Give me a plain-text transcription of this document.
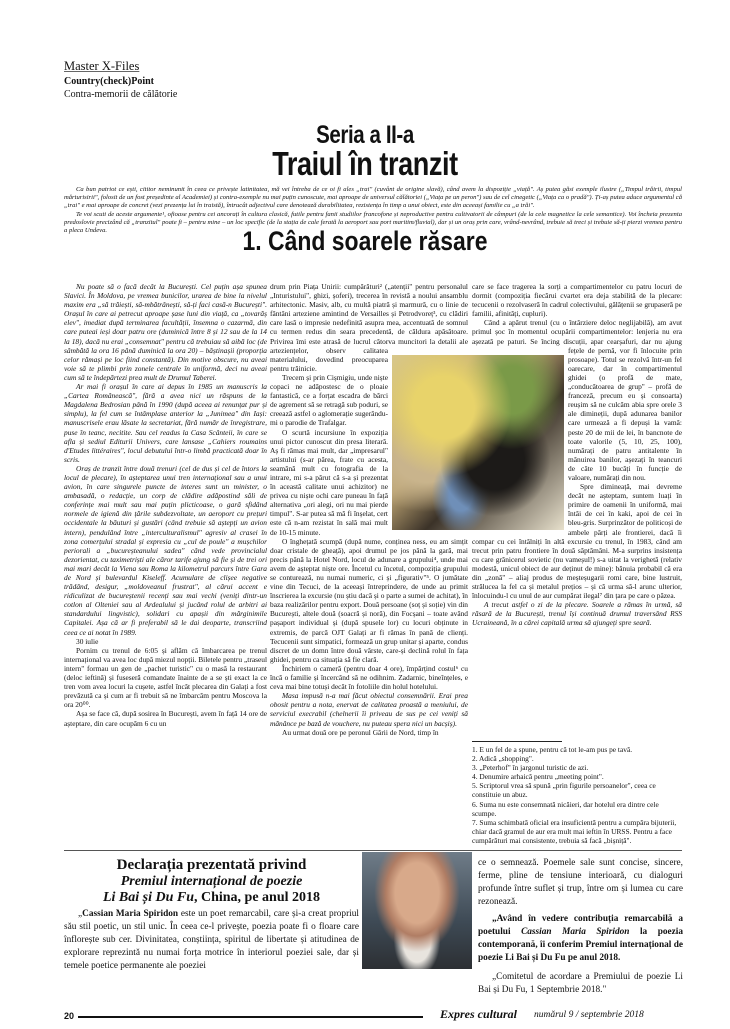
Master X-Files

Country(check)Point

Contra-memorii de călătorie

Seria a II-a
Traiul în tranzit

Ca bun patriot ce ești, cititor neminunit în ceea ce privește latinitatea, mă vei întreba de ce oi fi ales „trai" (cuvânt de origine slavă), când avem la dispoziție „viață". Aș putea găsi exemple ilustre („Timpul trăirii, timpul mărturisirii", folosit de un fost președinte al Academiei) și contra-exemple nu mai puțin cunoscute, mai aproape de universul călătoriei („Viața pe un peron") sau de cel cinegetic („Viața ca o pradă"). Ți-aș putea aduce argumentul că „trai" e mai aproape de concret (vezi prezența lui în traistă), întrucât adjectivul care denotează durabilitatea, rezistența în timp a unui obiect, este din aceeași familie cu „a trăi".

Te voi scuti de aceste argumente¹, ofioase pentru cei ancorați în cultura clasică, futile pentru fanii studiilor francofone și neproductive pentru cultivatorii de câmpuri (de la cele magnetice la cele semantice). Voi încheia prezenta predoslovie precizând că „tranzitul" poate fi – pentru mine – un loc specific (de la stația de cale ferată la aeroport sau port maritim/fluvial), dar și un oraș prin care, vrând-nevrând, trebuie să treci și trebuie să-ți pierzi vremea pentru a pleca Undeva.	1. Când soarele răsare

Nu poate să o facă decât la București. Cel puțin așa spunea Slavici. În Moldova, pe vremea bunicilor, urarea de bine la nivelul maxim era „să trăiești, să-mbătrânești, să-ți faci casă-n București". Orașul în care ai petrecut aproape șase luni din viață, ca „tovarăș elev", imediat după terminarea facultății, însemna o cazarmă, din care puteai ieși doar patru ore (duminică între 8 și 12 sau de la 14 la 18), dacă nu erai „consemnat" pentru că trebuiau să aibă loc (de sâmbătă la ora 16 până duminică la ora 20) – băștinașii (proporția celor rămași pe loc fiind constantă). Din motive obscure, nu aveai voie să te plimbi prin zonele centrale în uniformă, deci nu aveai cum să te îndepărtezi prea mult de Drumul Taberei.

Ar mai fi orașul în care ai depus în 1985 un manuscris la „Cartea Românească", fără a avea nici un răspuns de la Magdalena Bedrosian până în 1990 (după aceea ai renunțat pur și simplu), la fel cum se întâmplase anterior la „Junimea" din Iași: manuscrisele erau lăsate la secretariat, fără număr de înregistrare, puse în teanc, necitite. Sau cel readus la Casa Scânteii, în care se afla și sediul Editurii Univers, care lansase „Cahiers roumains d'Etudes littéraires", locul debutului într-o limbă practicată doar în scris.

Oraș de tranzit între două trenuri (cel de dus și cel de întors la locul de plecare), în așteptarea unui tren internațional sau a unui avion, în care singurele puncte de interes sunt un minister, o ambasadă, o redacție, un corp de clădire adăpostind săli de conferințe mai mult sau mai puțin plicticoase, o gară sfidând normele de igienă din țările subdezvoltate, un aeroport cu prețuri occidentale la băuturi și gustări (când trebuie să aștepți un avion intern), pendulând între „interculturalismul" agresiv al crasei în zona comerțului stradal și expresia cu „cul de poule" a mușchilor periorali a „bucureșteanului sadea" când vede provincialul dezorientat, cu taximetriști ale căror tarife ajung să fie și de trei ori mai mari decât la Viena sau Roma la kilometrul parcurs între Gara de Nord și bulevardul Kiseleff. Acumulare de clișee negative trădând, desigur, „moldoveanul frustrat", al cărui accent e ridiculizat de bucureștenii recenți sau mai vechi (veniți dintr-un cotlon al Olteniei sau al Ardealului și jucând rolul de arbitri ai standardului lingvistic), solidari cu apașii din mărginimile Capitalei. Așa că ar fi preferabil să le dai deoparte, transcriind ceea ce ai notat în 1989.

30 iulie

Pornim cu trenul de 6:05 și aflăm că îmbarcarea pe trenul internațional va avea loc după miezul nopții. Biletele pentru „traseul intern" formau un gen de „pachet turistic" cu o masă la restaurant (deloc ieftină) și fuseseră comandate înainte de a se ști exact la ce tren vom avea locuri la cușete, astfel încât plecarea din Galați a fost prevăzută ca și cum ar fi trebuit să ne îmbarcăm pentru Moscova la ora 20⁰⁰.

Așa se face că, după sosirea în București, avem în față 14 ore de așteptare, din care ocupăm 6 cu un

drum prin Piața Unirii: cumpărături² („atenții" pentru personalul „Inturistului", ghizi, șoferi), trecerea în revistă a noului ansamblu arhitectonic. Masiv, alb, cu multă piatră și marmură, cu o linie de fântâni arteziene amintind de Versailles și Petrodvoreț³, cu clădiri care lasă o impresie nedefinită asupra mea, accentuată de somnul cu termen redus din seara precedentă, de căldura apăsătoare. Privirea îmi este atrasă de lucrul câtorva muncitori la detalii ale arteziențelor, observ calitatea materialului, dovedind preocuparea pentru trăinicie.

Trecem și prin Cișmigiu, unde niște copaci ne adăpostesc de o ploaie fantastică, ce a forțat escadra de bărci de agrement să se retragă sub poduri, se creează astfel o aglomerație sugerându-mi o parodie de Trafalgar.

O scurtă incursiune în expoziția unui pictor cunoscut din presa literară. Aș fi rămas mai mult, dar „impresarul" artistului (s-ar părea, frate cu acesta, seamănă mult cu fotografia de la intrare, mi s-a părut că s-a și prezentat în această calitate unui achizitor) ne privea cu niște ochi care puneau în față alternativa „ori alegi, ori nu mai pierde timpul". S-ar putea să mă fi înșelat, cert este că n-am rezistat în sală mai mult de 10-15 minute.

O înghețată scumpă (după nume, conținea ness, eu am simțit doar cristale de gheață), apoi drumul pe jos până la gară, mai precis până la Hotel Nord, locul de adunare a grupului⁴, unde mai avem de așteptat niște ore. Încetul cu încetul, compoziția grupului se conturează, nu numai numeric, ci și „figurativ"⁵. O jumătate vine din Tecuci, de la aceeași întreprindere, de unde au primit înscrierea la excursie (nu știu dacă și o parte a sumei de achitat), în baza realizărilor pentru export. Două persoane (soț și soție) vin din București, altele două (soacră și noră), din Focșani – toate având pașaport individual și (după spusele lor) cu locuri obținute in extremis, de parcă OJT Galați ar fi rămas în pană de clienți. Tecucenii sunt simpatici, formează un grup unitar și aparte, condus discret de un domn între două vârste, care-și declină rolul în fața ghidei, pentru ca situația să fie clară.

Închiriem o cameră (pentru doar 4 ore), împărțind costul⁶ cu încă o familie și încercând să ne odihnim. Zadarnic, bineînțeles, e ceva mai bine totuși decât în fotoliile din holul hotelului.

Masa impusă n-a mai făcut obiectul consemnării. Erai prea obosit pentru a nota, enervat de calitatea proastă a meniului, de serviciul execrabil (chelnerii îi priveau de sus pe cei veniți să mănânce pe bază de vouchere, nu puteau spera nici un bacșiș).

Au urmat două ore pe peronul Gării de Nord, timp în

care se face tragerea la sorți a compartimentelor cu patru locuri de dormit (compoziția fiecărui cvartet era deja stabilită de la plecare: tecucenii o rezolvaseră în cadrul colectivului, gălățenii se grupaseră pe familii, afinități, cupluri).

Când a apărut trenul (cu o întârziere deloc neglijabilă), am avut primul șoc în momentul ocupării compartimentelor: lenjeria nu era așezată pe paturi. Se încing discuții, apar cearșafuri, dar nu ajung fețele de pernă, vor fi înlocuite prin prosoape). Totul se rezolvă într-un fel oarecare, dar în compartimentul ghidei (o profă de mate, „conducătoarea de grup" – profă de franceză, precum eu și consoarta) reușim să ne culcăm abia spre orele 3 ale dimineții, după adunarea banilor care urmează a fi depuși la vamă: peste 20 de mii de lei, în bancnote de toate valorile (5, 10, 25, 100), numărați de patru antitalente în mânuirea banilor, așezați în teancuri de câte 10 bucăți în funcție de valoare, numărați din nou.

Spre dimineață, mai devreme decât ne așteptam, suntem luați în primire de oamenii în uniformă, mai întâi de cei în kaki, apoi de cei în bleu-gris. Surprinzător de politicoși de ambele părți ale frontierei, dacă îi compar cu cei întâlniți în altă excursie cu trenul, în 1983, când am trecut prin patru frontiere în două săptămâni. M-a surprins insistența cu care grănicerul sovietic (nu vameșul!) s-a uitat la verighetă (relativ modestă, unicul obiect de aur deținut de mine): bănuia probabil că era din „zonă" – aliaj produs de meșteșugarii romi care, bine lustruit, strălucea la fel ca și metalul prețios – și că urma să-l arunc ulterior, înlocuindu-l cu unul de aur cumpărat ilegal⁷ din țara pe care o păzea.

A trecut astfel o zi de la plecare. Soarele a rămas în urmă, să răsară de la București, trenul își continuă drumul traversând RSS Ucraineană, în a cărei capitală urma să ajungeți spre seară.

1. E un fel de a spune, pentru că tot le-am pus pe tavă.

2. Adică „shopping".

3. „Peterhof" în jargonul turistic de azi.

4. Denumire arhaică pentru „meeting point".

5. Scriptorul vrea să spună „prin figurile persoanelor", ceea ce constituie un abuz.

6. Suma nu este consemnată nicăieri, dar hotelul era dintre cele scumpe.

7. Suma schimbată oficial era insuficientă pentru a cumpăra bijuterii, chiar dacă gramul de aur era mult mai ieftin în URSS. Pentru a face cumpărături mai consistente, trebuia să facă „bișniță".

Declarația prezentată privind
Premiul internațional de poezie
Li Bai și Du Fu, China, pe anul 2018

„Cassian Maria Spiridon este un poet remarcabil, care și-a creat propriul său stil poetic, un stil unic. În ceea ce-l privește, poezia poate fi o floare care înflorește sub cer. Divinitatea, conștiința, spiritul de libertate și atitudinea de explorare reprezintă nu numai forța motrice în interiorul poeziei sale, dar și temele poetice permanente ale poeziei

ce o semnează. Poemele sale sunt concise, sincere, ferme, pline de tensiune interioară, cu dialoguri profunde între suflet și trup, între om și lumea cu care rezonează.

„Având în vedere contribuția remarcabilă a poetului Cassian Maria Spiridon la poezia contemporană, îi conferim Premiul internațional de poezie Li Bai și Du Fu pe anul 2018.

„Comitetul de acordare a Premiului de poezie Li Bai și Du Fu, 1 Septembrie 2018."

20	Expres cultural numărul 9 / septembrie 2018
